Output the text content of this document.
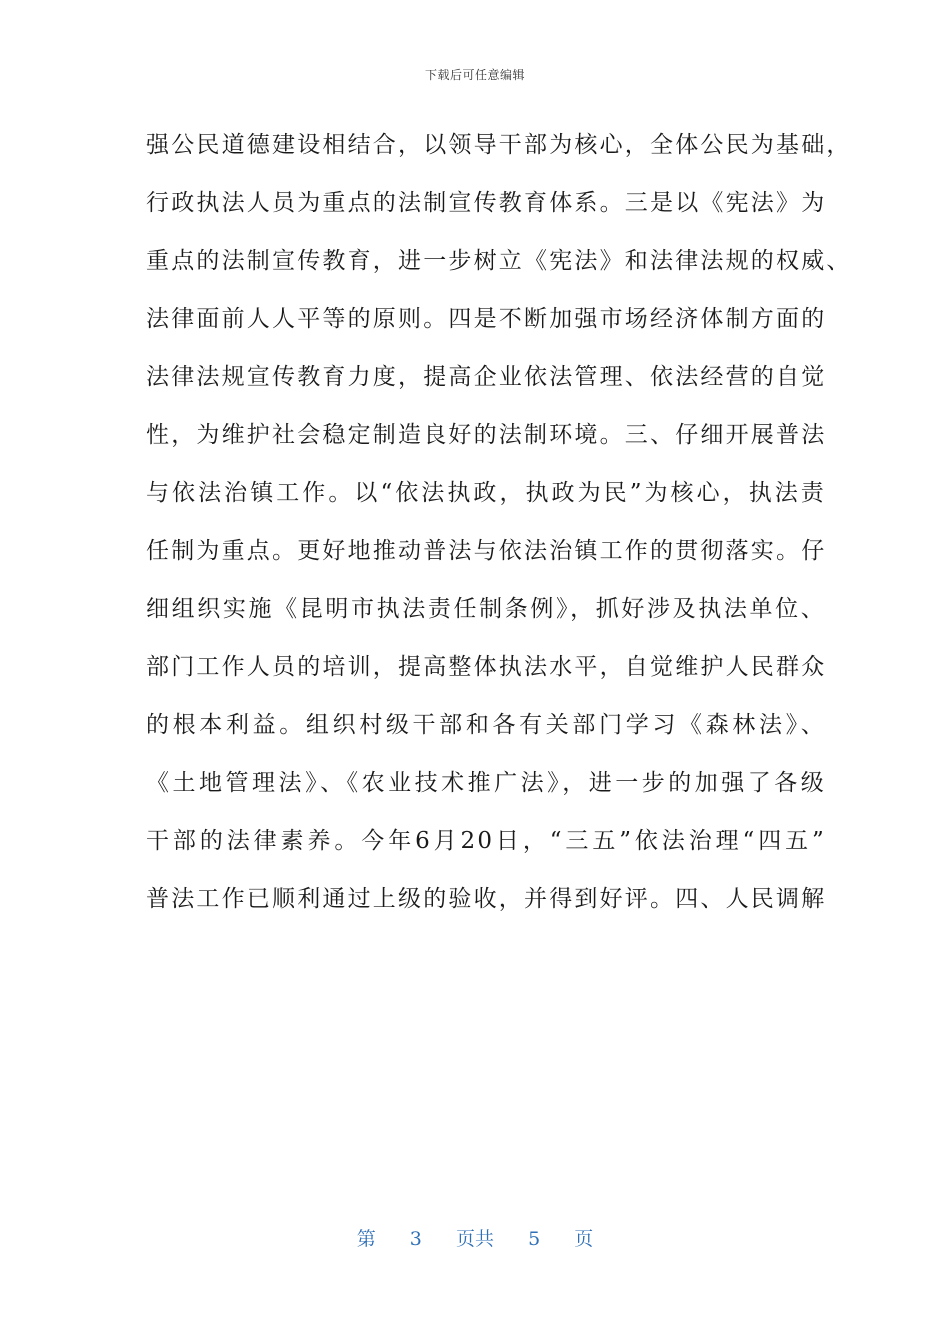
下载后可任意编辑
强公民道德建设相结合，以领导干部为核心，全体公民为基础，
行政执法人员为重点的法制宣传教育体系。三是以《宪法》为
重点的法制宣传教育，进一步树立《宪法》和法律法规的权威、
法律面前人人平等的原则。四是不断加强市场经济体制方面的
法律法规宣传教育力度，提高企业依法管理、依法经营的自觉
性，为维护社会稳定制造良好的法制环境。三、仔细开展普法
与依法治镇工作。以“依法执政，执政为民”为核心，执法责
任制为重点。更好地推动普法与依法治镇工作的贯彻落实。仔
细组织实施《昆明市执法责任制条例》，抓好涉及执法单位、
部门工作人员的培训，提高整体执法水平，自觉维护人民群众
的根本利益。组织村级干部和各有关部门学习《森林法》、
《土地管理法》、《农业技术推广法》，进一步的加强了各级
干部的法律素养。今年6月20日，“三五”依法治理“四五”
普法工作已顺利通过上级的验收，并得到好评。四、人民调解
第 3 页共 5 页
